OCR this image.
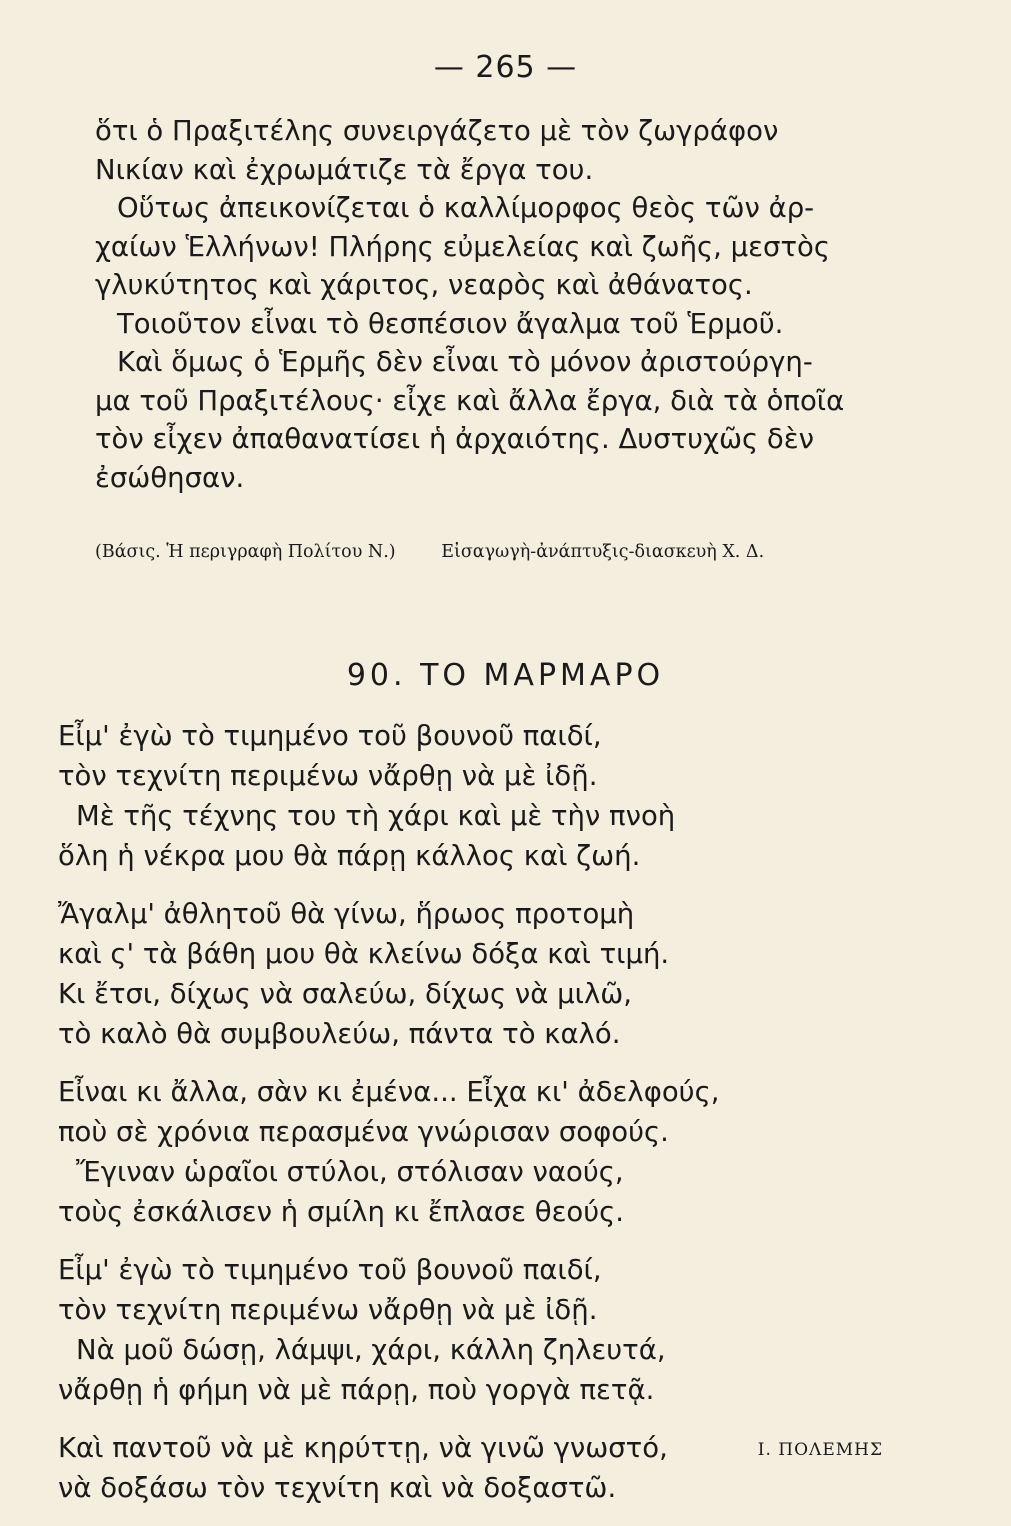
— 265 —
ὅτι ὁ Πραξιτέλης συνειργάζετο μὲ τὸν ζωγράφον
Νικίαν καὶ ἐχρωμάτιζε τὰ ἔργα του.
Οὕτως ἀπεικονίζεται ὁ καλλίμορφος θεὸς τῶν ἀρ-
χαίων Ἑλλήνων! Πλήρης εὐμελείας καὶ ζωῆς, μεστὸς
γλυκύτητος καὶ χάριτος, νεαρὸς καὶ ἀθάνατος.
Τοιοῦτον εἶναι τὸ θεσπέσιον ἄγαλμα τοῦ Ἑρμοῦ.
Καὶ ὅμως ὁ Ἑρμῆς δὲν εἶναι τὸ μόνον ἀριστούργη-
μα τοῦ Πραξιτέλους· εἶχε καὶ ἄλλα ἔργα, διὰ τὰ ὁποῖα
τὸν εἶχεν ἀπαθανατίσει ἡ ἀρχαιότης. Δυστυχῶς δὲν
ἐσώθησαν.
(Βάσις. Ἡ περιγραφὴ Πολίτου Ν.)	Εἰσαγωγὴ-ἀνάπτυξις-διασκευὴ Χ. Δ.
90. ΤΟ ΜΑΡΜΑΡΟ
Εἶμ' ἐγὼ τὸ τιμημένο τοῦ βουνοῦ παιδί,
τὸν τεχνίτη περιμένω νἄρθῃ νὰ μὲ ἰδῇ.
Μὲ τῆς τέχνης του τὴ χάρι καὶ μὲ τὴν πνοὴ
ὅλη ἡ νέκρα μου θὰ πάρῃ κάλλος καὶ ζωή.
Ἄγαλμ' ἀθλητοῦ θὰ γίνω, ἥρωος προτομὴ
καὶ ς' τὰ βάθη μου θὰ κλείνω δόξα καὶ τιμή.
Κι ἔτσι, δίχως νὰ σαλεύω, δίχως νὰ μιλῶ,
τὸ καλὸ θὰ συμβουλεύω, πάντα τὸ καλό.
Εἶναι κι ἄλλα, σὰν κι ἐμένα... Εἶχα κι' ἀδελφούς,
ποὺ σὲ χρόνια περασμένα γνώρισαν σοφούς.
Ἔγιναν ὡραῖοι στύλοι, στόλισαν ναούς,
τοὺς ἐσκάλισεν ἡ σμίλη κι ἔπλασε θεούς.
Εἶμ' ἐγὼ τὸ τιμημένο τοῦ βουνοῦ παιδί,
τὸν τεχνίτη περιμένω νἄρθῃ νὰ μὲ ἰδῇ.
Νὰ μοῦ δώσῃ, λάμψι, χάρι, κάλλη ζηλευτά,
νἄρθῃ ἡ φήμη νὰ μὲ πάρῃ, ποὺ γοργὰ πετᾷ.
Καὶ παντοῦ νὰ μὲ κηρύττῃ, νὰ γινῶ γνωστό,
νὰ δοξάσω τὸν τεχνίτη καὶ νὰ δοξαστῶ.
Ι. ΠΟΛΕΜΗΣ
